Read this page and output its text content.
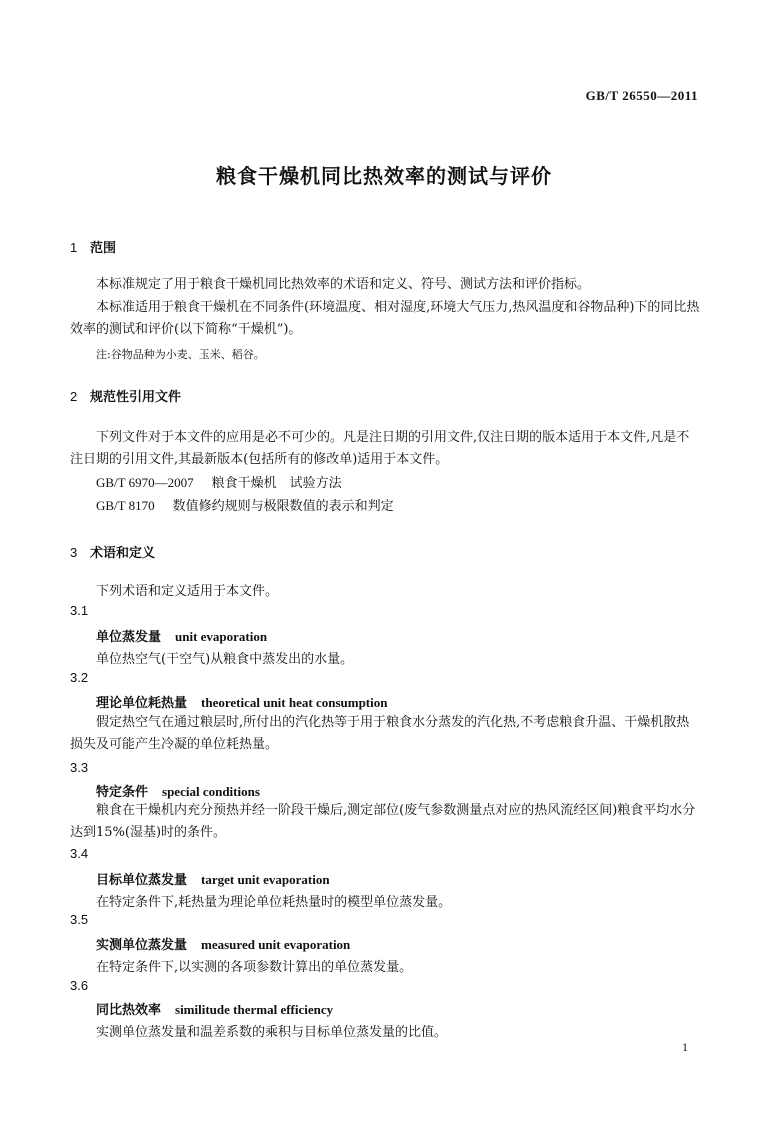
GB/T 26550—2011
粮食干燥机同比热效率的测试与评价
1 范围
本标准规定了用于粮食干燥机同比热效率的术语和定义、符号、测试方法和评价指标。
本标准适用于粮食干燥机在不同条件(环境温度、相对湿度,环境大气压力,热风温度和谷物品种)下的同比热效率的测试和评价(以下简称“干燥机”)。
注:谷物品种为小麦、玉米、稻谷。
2 规范性引用文件
下列文件对于本文件的应用是必不可少的。凡是注日期的引用文件,仅注日期的版本适用于本文件,凡是不注日期的引用文件,其最新版本(包括所有的修改单)适用于本文件。
GB/T 6970—2007 粮食干燥机　试验方法
GB/T 8170 数值修约规则与极限数值的表示和判定
3 术语和定义
下列术语和定义适用于本文件。
3.1
单位蒸发量 unit evaporation
单位热空气(干空气)从粮食中蒸发出的水量。
3.2
理论单位耗热量 theoretical unit heat consumption
假定热空气在通过粮层时,所付出的汽化热等于用于粮食水分蒸发的汽化热,不考虑粮食升温、干燥机散热损失及可能产生冷凝的单位耗热量。
3.3
特定条件 special conditions
粮食在干燥机内充分预热并经一阶段干燥后,测定部位(废气参数测量点对应的热风流经区间)粮食平均水分达到15%(湿基)时的条件。
3.4
目标单位蒸发量 target unit evaporation
在特定条件下,耗热量为理论单位耗热量时的模型单位蒸发量。
3.5
实测单位蒸发量 measured unit evaporation
在特定条件下,以实测的各项参数计算出的单位蒸发量。
3.6
同比热效率 similitude thermal efficiency
实测单位蒸发量和温差系数的乘积与目标单位蒸发量的比值。
1
